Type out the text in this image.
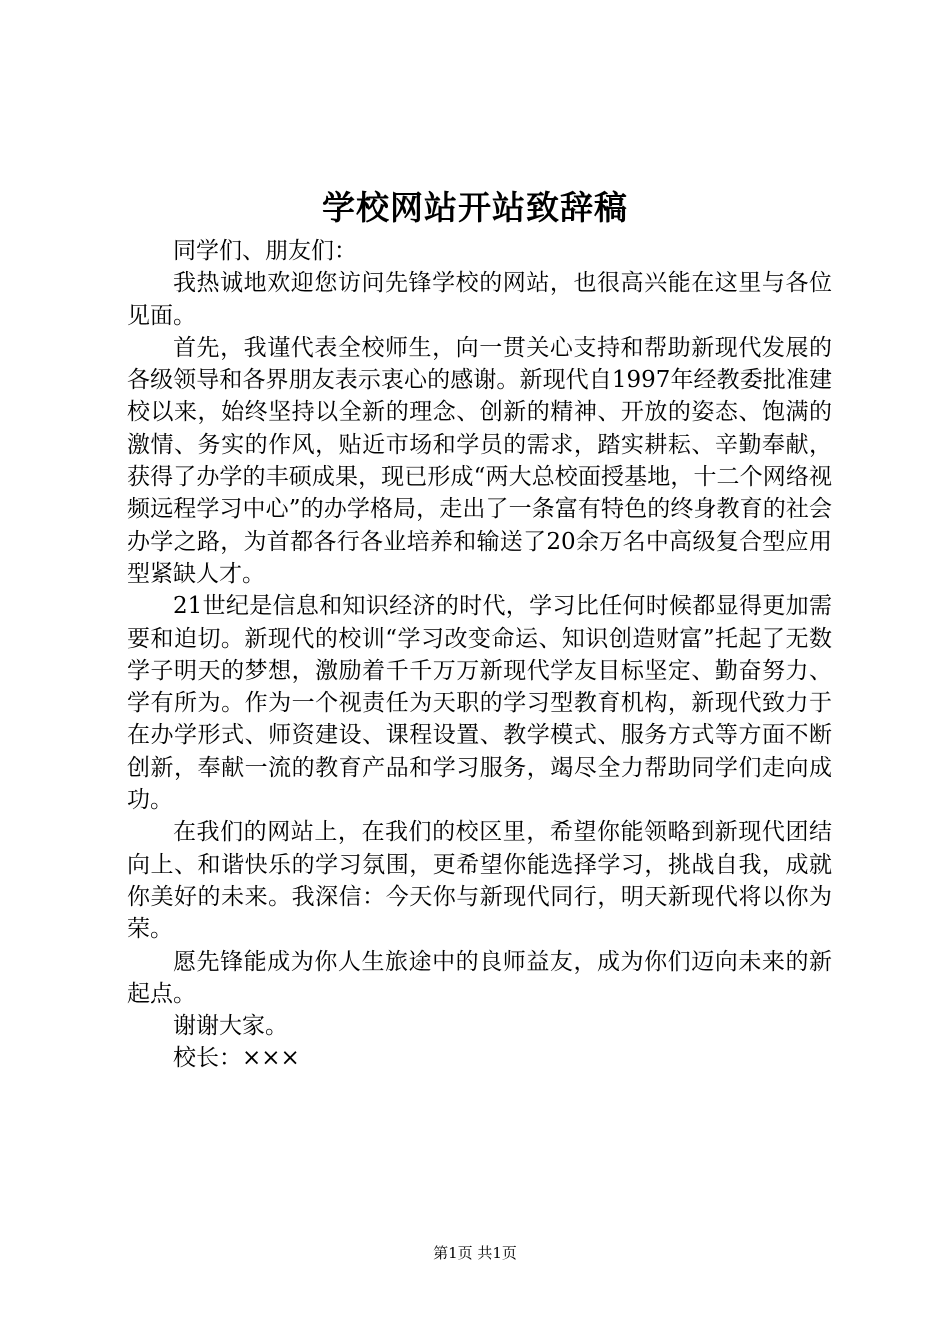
学校网站开站致辞稿

同学们、朋友们：

我热诚地欢迎您访问先锋学校的网站，也很高兴能在这里与各位见面。

首先，我谨代表全校师生，向一贯关心支持和帮助新现代发展的各级领导和各界朋友表示衷心的感谢。新现代自1997年经教委批准建校以来，始终坚持以全新的理念、创新的精神、开放的姿态、饱满的激情、务实的作风，贴近市场和学员的需求，踏实耕耘、辛勤奉献，获得了办学的丰硕成果，现已形成“两大总校面授基地，十二个网络视频远程学习中心”的办学格局，走出了一条富有特色的终身教育的社会办学之路，为首都各行各业培养和输送了20余万名中高级复合型应用型紧缺人才。

21世纪是信息和知识经济的时代，学习比任何时候都显得更加需要和迫切。新现代的校训“学习改变命运、知识创造财富”托起了无数学子明天的梦想，激励着千千万万新现代学友目标坚定、勤奋努力、学有所为。作为一个视责任为天职的学习型教育机构，新现代致力于在办学形式、师资建设、课程设置、教学模式、服务方式等方面不断创新，奉献一流的教育产品和学习服务，竭尽全力帮助同学们走向成功。

在我们的网站上，在我们的校区里，希望你能领略到新现代团结向上、和谐快乐的学习氛围，更希望你能选择学习，挑战自我，成就你美好的未来。我深信：今天你与新现代同行，明天新现代将以你为荣。

愿先锋能成为你人生旅途中的良师益友，成为你们迈向未来的新起点。

谢谢大家。

校长：×××

第1页 共1页
